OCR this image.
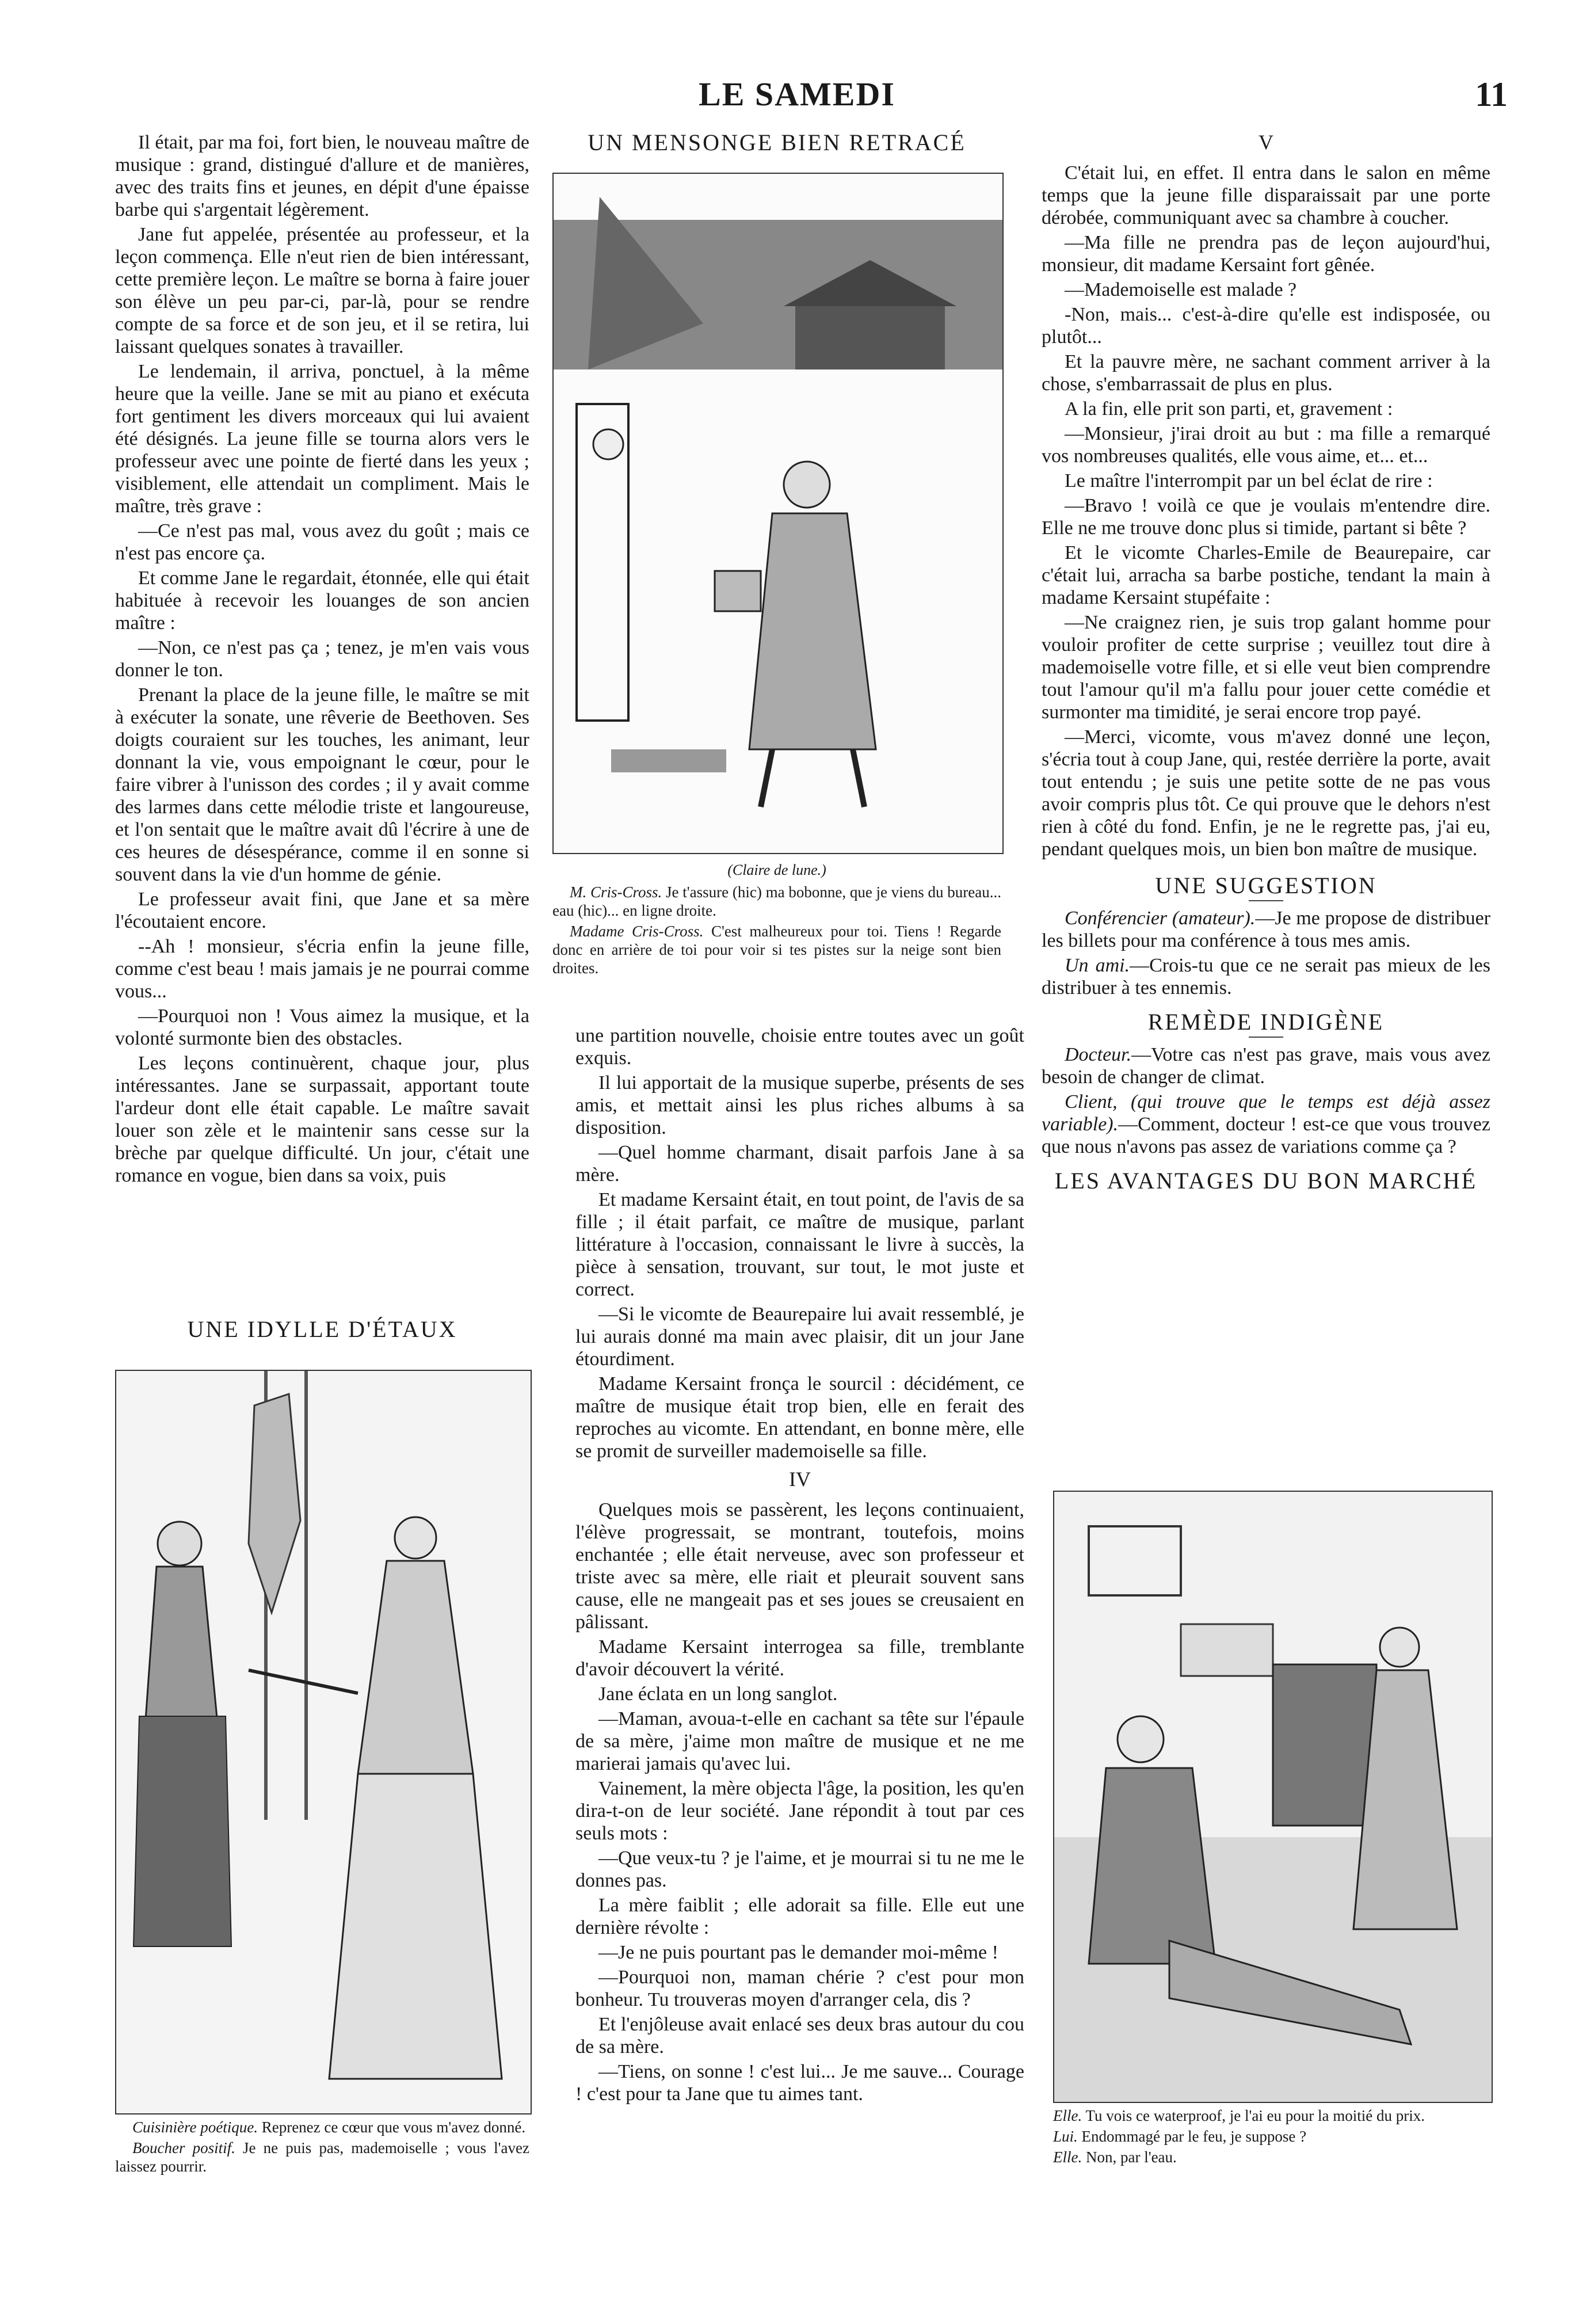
LE SAMEDI	11

Il était, par ma foi, fort bien, le nouveau maître de musique : grand, distingué d'allure et de manières, avec des traits fins et jeunes, en dépit d'une épaisse barbe qui s'argentait légèrement.

Jane fut appelée, présentée au professeur, et la leçon commença. Elle n'eut rien de bien intéressant, cette première leçon. Le maître se borna à faire jouer son élève un peu par-ci, par-là, pour se rendre compte de sa force et de son jeu, et il se retira, lui laissant quelques sonates à travailler.

Le lendemain, il arriva, ponctuel, à la même heure que la veille. Jane se mit au piano et exécuta fort gentiment les divers morceaux qui lui avaient été désignés. La jeune fille se tourna alors vers le professeur avec une pointe de fierté dans les yeux ; visiblement, elle attendait un compliment. Mais le maître, très grave :

—Ce n'est pas mal, vous avez du goût ; mais ce n'est pas encore ça.

Et comme Jane le regardait, étonnée, elle qui était habituée à recevoir les louanges de son ancien maître :

—Non, ce n'est pas ça ; tenez, je m'en vais vous donner le ton.

Prenant la place de la jeune fille, le maître se mit à exécuter la sonate, une rêverie de Beethoven. Ses doigts couraient sur les touches, les animant, leur donnant la vie, vous empoignant le cœur, pour le faire vibrer à l'unisson des cordes ; il y avait comme des larmes dans cette mélodie triste et langoureuse, et l'on sentait que le maître avait dû l'écrire à une de ces heures de désespérance, comme il en sonne si souvent dans la vie d'un homme de génie.

Le professeur avait fini, que Jane et sa mère l'écoutaient encore.

--Ah ! monsieur, s'écria enfin la jeune fille, comme c'est beau ! mais jamais je ne pourrai comme vous...

—Pourquoi non ! Vous aimez la musique, et la volonté surmonte bien des obstacles.

Les leçons continuèrent, chaque jour, plus intéressantes. Jane se surpassait, apportant toute l'ardeur dont elle était capable. Le maître savait louer son zèle et le maintenir sans cesse sur la brèche par quelque difficulté. Un jour, c'était une romance en vogue, bien dans sa voix, puis

UNE IDYLLE D'ÉTAUX

Cuisinière poétique. Reprenez ce cœur que vous m'avez donné.

Boucher positif. Je ne puis pas, mademoiselle ; vous l'avez laissez pourrir.

UN MENSONGE BIEN RETRACÉ
(Claire de lune.)

M. Cris-Cross. Je t'assure (hic) ma bobonne, que je viens du bureau... eau (hic)... en ligne droite.

Madame Cris-Cross. C'est malheureux pour toi. Tiens ! Regarde donc en arrière de toi pour voir si tes pistes sur la neige sont bien droites.

une partition nouvelle, choisie entre toutes avec un goût exquis.

Il lui apportait de la musique superbe, présents de ses amis, et mettait ainsi les plus riches albums à sa disposition.

—Quel homme charmant, disait parfois Jane à sa mère.

Et madame Kersaint était, en tout point, de l'avis de sa fille ; il était parfait, ce maître de musique, parlant littérature à l'occasion, connaissant le livre à succès, la pièce à sensation, trouvant, sur tout, le mot juste et correct.

—Si le vicomte de Beaurepaire lui avait ressemblé, je lui aurais donné ma main avec plaisir, dit un jour Jane étourdiment.

Madame Kersaint fronça le sourcil : décidément, ce maître de musique était trop bien, elle en ferait des reproches au vicomte. En attendant, en bonne mère, elle se promit de surveiller mademoiselle sa fille.

IV

Quelques mois se passèrent, les leçons continuaient, l'élève progressait, se montrant, toutefois, moins enchantée ; elle était nerveuse, avec son professeur et triste avec sa mère, elle riait et pleurait souvent sans cause, elle ne mangeait pas et ses joues se creusaient en pâlissant.

Madame Kersaint interrogea sa fille, tremblante d'avoir découvert la vérité.

Jane éclata en un long sanglot.

—Maman, avoua-t-elle en cachant sa tête sur l'épaule de sa mère, j'aime mon maître de musique et ne me marierai jamais qu'avec lui.

Vainement, la mère objecta l'âge, la position, les qu'en dira-t-on de leur société. Jane répondit à tout par ces seuls mots :

—Que veux-tu ? je l'aime, et je mourrai si tu ne me le donnes pas.

La mère faiblit ; elle adorait sa fille. Elle eut une dernière révolte :

—Je ne puis pourtant pas le demander moi-même !

—Pourquoi non, maman chérie ? c'est pour mon bonheur. Tu trouveras moyen d'arranger cela, dis ?

Et l'enjôleuse avait enlacé ses deux bras autour du cou de sa mère.

—Tiens, on sonne ! c'est lui... Je me sauve... Courage ! c'est pour ta Jane que tu aimes tant.

V

C'était lui, en effet. Il entra dans le salon en même temps que la jeune fille disparaissait par une porte dérobée, communiquant avec sa chambre à coucher.

—Ma fille ne prendra pas de leçon aujourd'hui, monsieur, dit madame Kersaint fort gênée.

—Mademoiselle est malade ?

-Non, mais... c'est-à-dire qu'elle est indisposée, ou plutôt...

Et la pauvre mère, ne sachant comment arriver à la chose, s'embarrassait de plus en plus.

A la fin, elle prit son parti, et, gravement :

—Monsieur, j'irai droit au but : ma fille a remarqué vos nombreuses qualités, elle vous aime, et... et...

Le maître l'interrompit par un bel éclat de rire :

—Bravo ! voilà ce que je voulais m'entendre dire. Elle ne me trouve donc plus si timide, partant si bête ?

Et le vicomte Charles-Emile de Beaurepaire, car c'était lui, arracha sa barbe postiche, tendant la main à madame Kersaint stupéfaite :

—Ne craignez rien, je suis trop galant homme pour vouloir profiter de cette surprise ; veuillez tout dire à mademoiselle votre fille, et si elle veut bien comprendre tout l'amour qu'il m'a fallu pour jouer cette comédie et surmonter ma timidité, je serai encore trop payé.

—Merci, vicomte, vous m'avez donné une leçon, s'écria tout à coup Jane, qui, restée derrière la porte, avait tout entendu ; je suis une petite sotte de ne pas vous avoir compris plus tôt. Ce qui prouve que le dehors n'est rien à côté du fond. Enfin, je ne le regrette pas, j'ai eu, pendant quelques mois, un bien bon maître de musique.

UNE SUGGESTION

Conférencier (amateur).—Je me propose de distribuer les billets pour ma conférence à tous mes amis.

Un ami.—Crois-tu que ce ne serait pas mieux de les distribuer à tes ennemis.

REMÈDE INDIGÈNE

Docteur.—Votre cas n'est pas grave, mais vous avez besoin de changer de climat.

Client, (qui trouve que le temps est déjà assez variable).—Comment, docteur ! est-ce que vous trouvez que nous n'avons pas assez de variations comme ça ?

LES AVANTAGES DU BON MARCHÉ

Elle. Tu vois ce waterproof, je l'ai eu pour la moitié du prix.

Lui. Endommagé par le feu, je suppose ?

Elle. Non, par l'eau.
